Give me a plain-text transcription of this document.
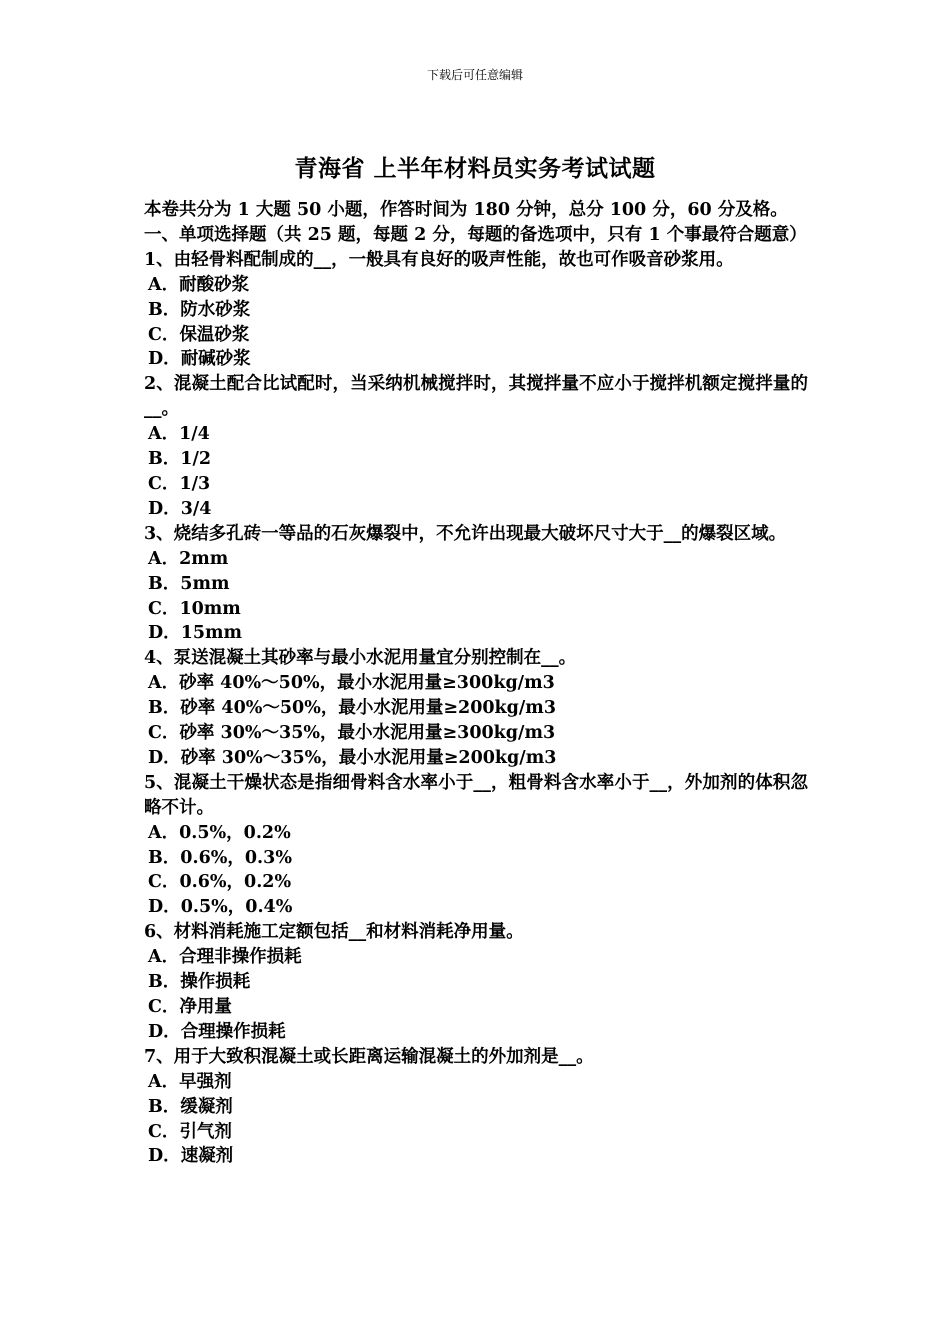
下载后可任意编辑
青海省 上半年材料员实务考试试题

本卷共分为 1 大题 50 小题，作答时间为 180 分钟，总分 100 分，60 分及格。

一、单项选择题（共 25 题，每题 2 分，每题的备选项中，只有 1 个事最符合题意）

1、由轻骨料配制成的__，一般具有良好的吸声性能，故也可作吸音砂浆用。

A．耐酸砂浆

B．防水砂浆

C．保温砂浆

D．耐碱砂浆

2、混凝土配合比试配时，当采纳机械搅拌时，其搅拌量不应小于搅拌机额定搅拌量的__。

A．1/4

B．1/2

C．1/3

D．3/4

3、烧结多孔砖一等品的石灰爆裂中，不允许出现最大破坏尺寸大于__的爆裂区域。

A．2mm

B．5mm

C．10mm

D．15mm

4、泵送混凝土其砂率与最小水泥用量宜分别控制在__。

A．砂率 40%～50%，最小水泥用量≥300kg/m3

B．砂率 40%～50%，最小水泥用量≥200kg/m3

C．砂率 30%～35%，最小水泥用量≥300kg/m3

D．砂率 30%～35%，最小水泥用量≥200kg/m3

5、混凝土干燥状态是指细骨料含水率小于__，粗骨料含水率小于__，外加剂的体积忽略不计。

A．0.5%，0.2%

B．0.6%，0.3%

C．0.6%，0.2%

D．0.5%，0.4%

6、材料消耗施工定额包括__和材料消耗净用量。

A．合理非操作损耗

B．操作损耗

C．净用量

D．合理操作损耗

7、用于大致积混凝土或长距离运输混凝土的外加剂是__。

A．早强剂

B．缓凝剂

C．引气剂

D．速凝剂
